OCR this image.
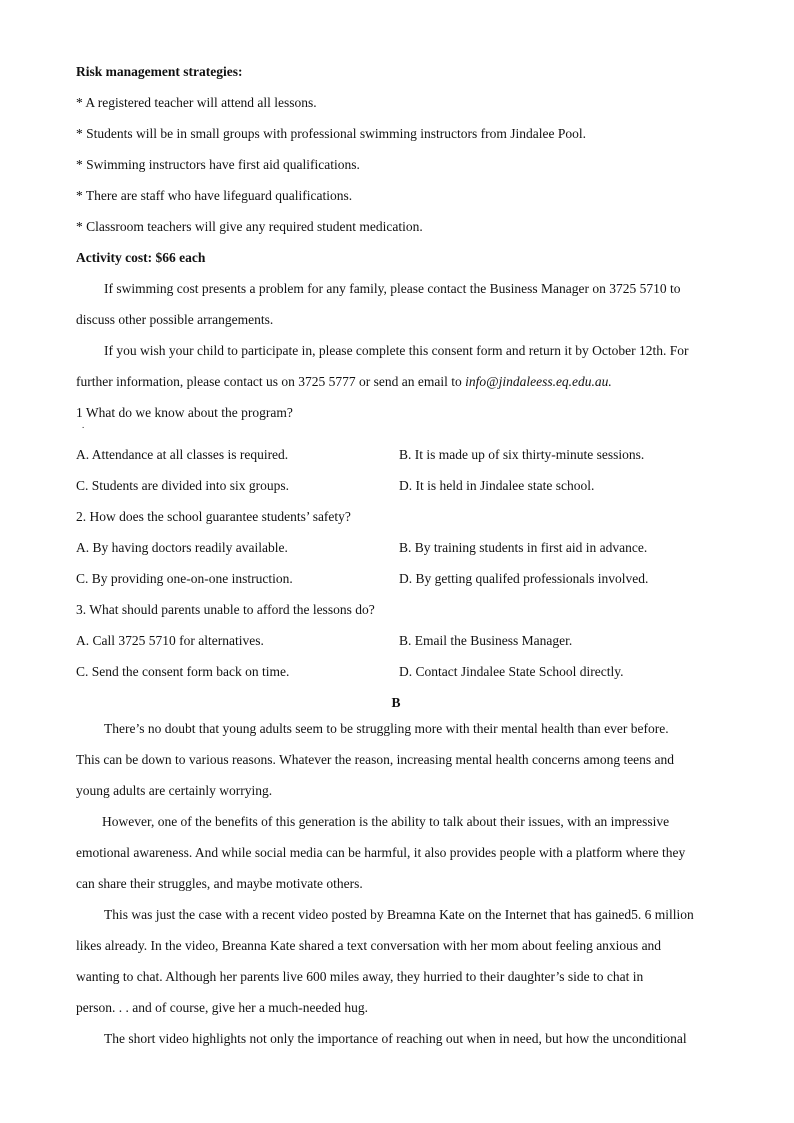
Risk management strategies:
* A registered teacher will attend all lessons.
* Students will be in small groups with professional swimming instructors from Jindalee Pool.
* Swimming instructors have first aid qualifications.
* There are staff who have lifeguard qualifications.
* Classroom teachers will give any required student medication.
Activity cost: $66 each
If swimming cost presents a problem for any family, please contact the Business Manager on 3725 5710 to
discuss other possible arrangements.
If you wish your child to participate in, please complete this consent form and return it by October 12th. For
further information, please contact us on 3725 5777 or send an email to info@jindaleess.eq.edu.au.
1 What do we know about the program?
.
A. Attendance at all classes is required.	B. It is made up of six thirty-minute sessions.
C. Students are divided into six groups.	D. It is held in Jindalee state school.
2. How does the school guarantee students’ safety?
A. By having doctors readily available.	B. By training students in first aid in advance.
C. By providing one-on-one instruction.	D. By getting qualifed professionals involved.
3. What should parents unable to afford the lessons do?
A. Call 3725 5710 for alternatives.	B. Email the Business Manager.
C. Send the consent form back on time.	D. Contact Jindalee State School directly.
B
There’s no doubt that young adults seem to be struggling more with their mental health than ever before.
This can be down to various reasons. Whatever the reason, increasing mental health concerns among teens and
young adults are certainly worrying.
However, one of the benefits of this generation is the ability to talk about their issues, with an impressive
emotional awareness. And while social media can be harmful, it also provides people with a platform where they
can share their struggles, and maybe motivate others.
This was just the case with a recent video posted by Breamna Kate on the Internet that has gained5. 6 million
likes already. In the video, Breanna Kate shared a text conversation with her mom about feeling anxious and
wanting to chat. Although her parents live 600 miles away, they hurried to their daughter’s side to chat in
person. . . and of course, give her a much-needed hug.
The short video highlights not only the importance of reaching out when in need, but how the unconditional
